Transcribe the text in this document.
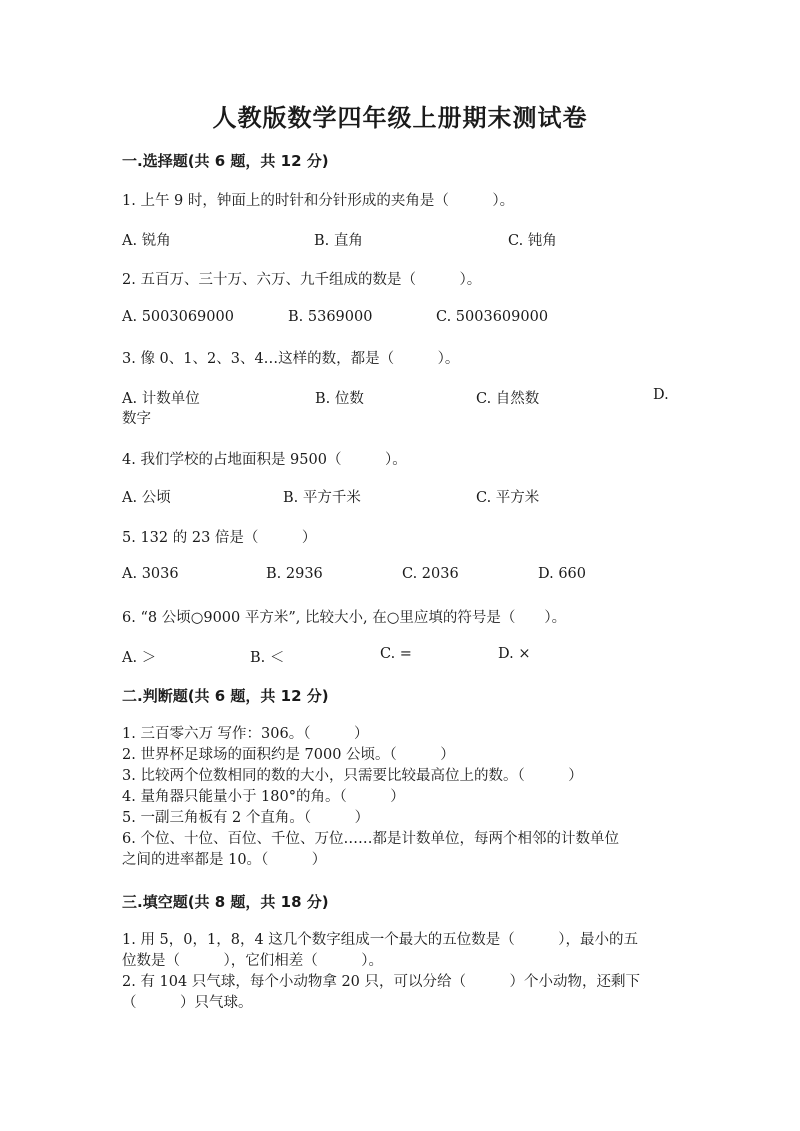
人教版数学四年级上册期末测试卷
一.选择题(共 6 题，共 12 分)
1. 上午 9 时，钟面上的时针和分针形成的夹角是（　　　）。
A. 锐角	B. 直角	C. 钝角
2. 五百万、三十万、六万、九千组成的数是（　　　）。
A. 5003069000	B. 5369000	C. 5003609000
3. 像 0、1、2、3、4…这样的数，都是（　　　）。
A. 计数单位	B. 位数	C. 自然数	D.
数字
4. 我们学校的占地面积是 9500（　　　）。
A. 公顷	B. 平方千米	C. 平方米
5. 132 的 23 倍是（　　　）
A. 3036	B. 2936	C. 2036	D. 660
6. “8 公顷○9000 平方米”, 比较大小, 在○里应填的符号是（　　）。
A. ＞	B. ＜	C. =	D. ×
二.判断题(共 6 题，共 12 分)
1. 三百零六万 写作：306。（　　　）
2. 世界杯足球场的面积约是 7000 公顷。（　　　）
3. 比较两个位数相同的数的大小，只需要比较最高位上的数。（　　　）
4. 量角器只能量小于 180°的角。（　　　）
5. 一副三角板有 2 个直角。（　　　）
6. 个位、十位、百位、千位、万位……都是计数单位，每两个相邻的计数单位
之间的进率都是 10。（　　　）
三.填空题(共 8 题，共 18 分)
1. 用 5，0，1，8，4 这几个数字组成一个最大的五位数是（　　　），最小的五
位数是（　　　），它们相差（　　　）。
2. 有 104 只气球，每个小动物拿 20 只，可以分给（　　　）个小动物，还剩下
（　　　）只气球。
